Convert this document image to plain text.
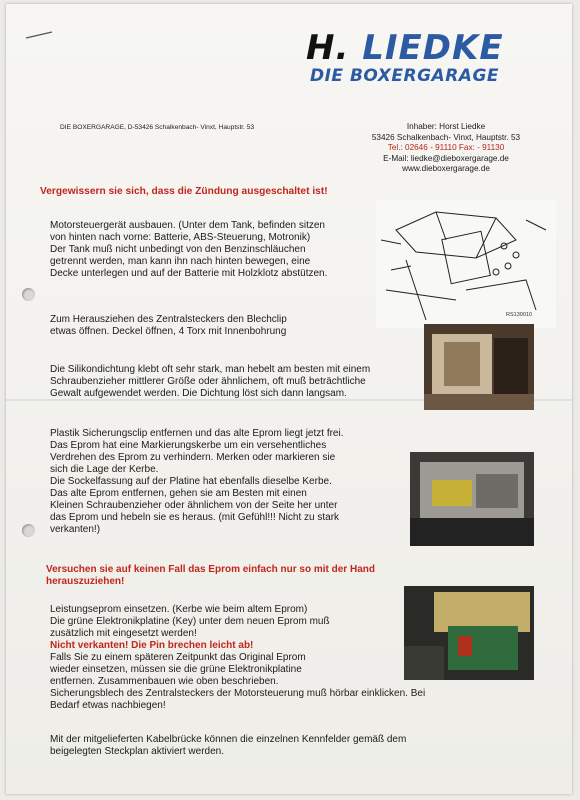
H. LIEDKE
DIE BOXERGARAGE
DIE BOXERGARAGE, D-53426 Schalkenbach- Vinxt, Hauptstr. 53	Inhaber: Horst Liedke
53426 Schalkenbach- Vinxt, Hauptstr. 53
Tel.: 02646 - 91110 Fax: - 91130
E-Mail: liedke@dieboxergarage.de
www.dieboxergarage.de
Vergewissern sie sich, dass die Zündung ausgeschaltet ist!
Motorsteuergerät ausbauen. (Unter dem Tank, befinden sitzen
von hinten nach vorne: Batterie, ABS-Steuerung, Motronik)
Der Tank muß nicht unbedingt von den Benzinschläuchen
getrennt werden, man kann ihn nach hinten bewegen, eine
Decke unterlegen und auf der Batterie mit Holzklotz abstützen.
RS130010
Zum Herausziehen des Zentralsteckers den Blechclip
etwas öffnen. Deckel öffnen, 4 Torx mit Innenbohrung
Die Silikondichtung klebt oft sehr stark, man hebelt am besten mit einem
Schraubenzieher mittlerer Größe oder ähnlichem, oft muß beträchtliche
Gewalt aufgewendet werden. Die Dichtung löst sich dann langsam.
Plastik Sicherungsclip entfernen und das alte Eprom liegt jetzt frei.
Das Eprom hat eine Markierungskerbe um ein versehentliches
Verdrehen des Eprom zu verhindern. Merken oder markieren sie
sich die Lage der Kerbe.
Die Sockelfassung auf der Platine hat ebenfalls dieselbe Kerbe.
Das alte Eprom entfernen, gehen sie am Besten mit einen
Kleinen Schraubenzieher oder ähnlichem von der Seite her unter
das Eprom und hebeln sie es heraus. (mit Gefühl!!! Nicht zu stark
verkanten!)
Versuchen sie auf keinen Fall das Eprom einfach nur so mit der Hand
herauszuziehen!
Leistungseprom einsetzen. (Kerbe wie beim altem Eprom)
Die grüne Elektronikplatine (Key) unter dem neuen Eprom muß
zusätzlich mit eingesetzt werden!
Nicht verkanten! Die Pin brechen leicht ab!
Falls Sie zu einem späteren Zeitpunkt das Original Eprom
wieder einsetzen, müssen sie die grüne Elektronikplatine
entfernen. Zusammenbauen wie oben beschrieben.
Sicherungsblech des Zentralsteckers der Motorsteuerung muß hörbar einklicken. Bei
Bedarf etwas nachbiegen!
Mit der mitgelieferten Kabelbrücke können die einzelnen Kennfelder gemäß dem
beigelegten Steckplan aktiviert werden.
